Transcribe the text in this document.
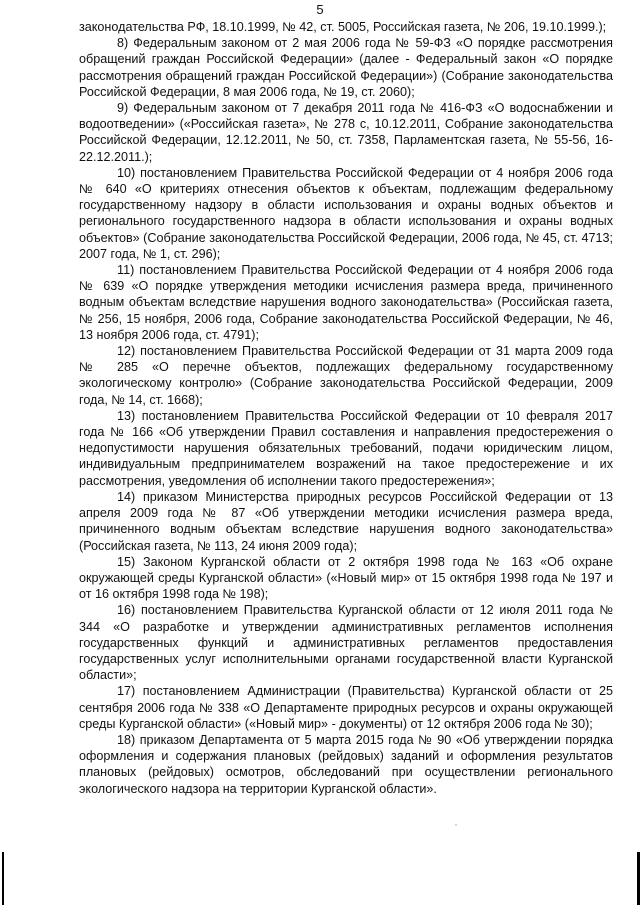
5

законодательства РФ, 18.10.1999, № 42, ст. 5005, Российская газета, № 206, 19.10.1999.);

8) Федеральным законом от 2 мая 2006 года № 59-ФЗ «О порядке рассмотрения обращений граждан Российской Федерации» (далее - Федеральный закон «О порядке рассмотрения обращений граждан Российской Федерации») (Собрание законодательства Российской Федерации, 8 мая 2006 года, № 19, ст. 2060);

9) Федеральным законом от 7 декабря 2011 года № 416-ФЗ «О водоснабжении и водоотведении» («Российская газета», № 278 с, 10.12.2011, Собрание законодательства Российской Федерации, 12.12.2011, № 50, ст. 7358, Парламентская газета, № 55-56, 16-22.12.2011.);

10) постановлением Правительства Российской Федерации от 4 ноября 2006 года № 640 «О критериях отнесения объектов к объектам, подлежащим федеральному государственному надзору в области использования и охраны водных объектов и регионального государственного надзора в области использования и охраны водных объектов» (Собрание законодательства Российской Федерации, 2006 года, № 45, ст. 4713; 2007 года, № 1, ст. 296);

11) постановлением Правительства Российской Федерации от 4 ноября 2006 года № 639 «О порядке утверждения методики исчисления размера вреда, причиненного водным объектам вследствие нарушения водного законодательства» (Российская газета, № 256, 15 ноября, 2006 года, Собрание законодательства Российской Федерации, № 46, 13 ноября 2006 года, ст. 4791);

12) постановлением Правительства Российской Федерации от 31 марта 2009 года № 285 «О перечне объектов, подлежащих федеральному государственному экологическому контролю» (Собрание законодательства Российской Федерации, 2009 года, № 14, ст. 1668);

13) постановлением Правительства Российской Федерации от 10 февраля 2017 года № 166 «Об утверждении Правил составления и направления предостережения о недопустимости нарушения обязательных требований, подачи юридическим лицом, индивидуальным предпринимателем возражений на такое предостережение и их рассмотрения, уведомления об исполнении такого предостережения»;

14) приказом Министерства природных ресурсов Российской Федерации от 13 апреля 2009 года № 87 «Об утверждении методики исчисления размера вреда, причиненного водным объектам вследствие нарушения водного законодательства» (Российская газета, № 113, 24 июня 2009 года);

15) Законом Курганской области от 2 октября 1998 года № 163 «Об охране окружающей среды Курганской области» («Новый мир» от 15 октября 1998 года № 197 и от 16 октября 1998 года № 198);

16) постановлением Правительства Курганской области от 12 июля 2011 года № 344 «О разработке и утверждении административных регламентов исполнения государственных функций и административных регламентов предоставления государственных услуг исполнительными органами государственной власти Курганской области»;

17) постановлением Администрации (Правительства) Курганской области от 25 сентября 2006 года № 338 «О Департаменте природных ресурсов и охраны окружающей среды Курганской области» («Новый мир» - документы) от 12 октября 2006 года № 30);

18) приказом Департамента от 5 марта 2015 года № 90 «Об утверждении порядка оформления и содержания плановых (рейдовых) заданий и оформления результатов плановых (рейдовых) осмотров, обследований при осуществлении регионального экологического надзора на территории Курганской области».
